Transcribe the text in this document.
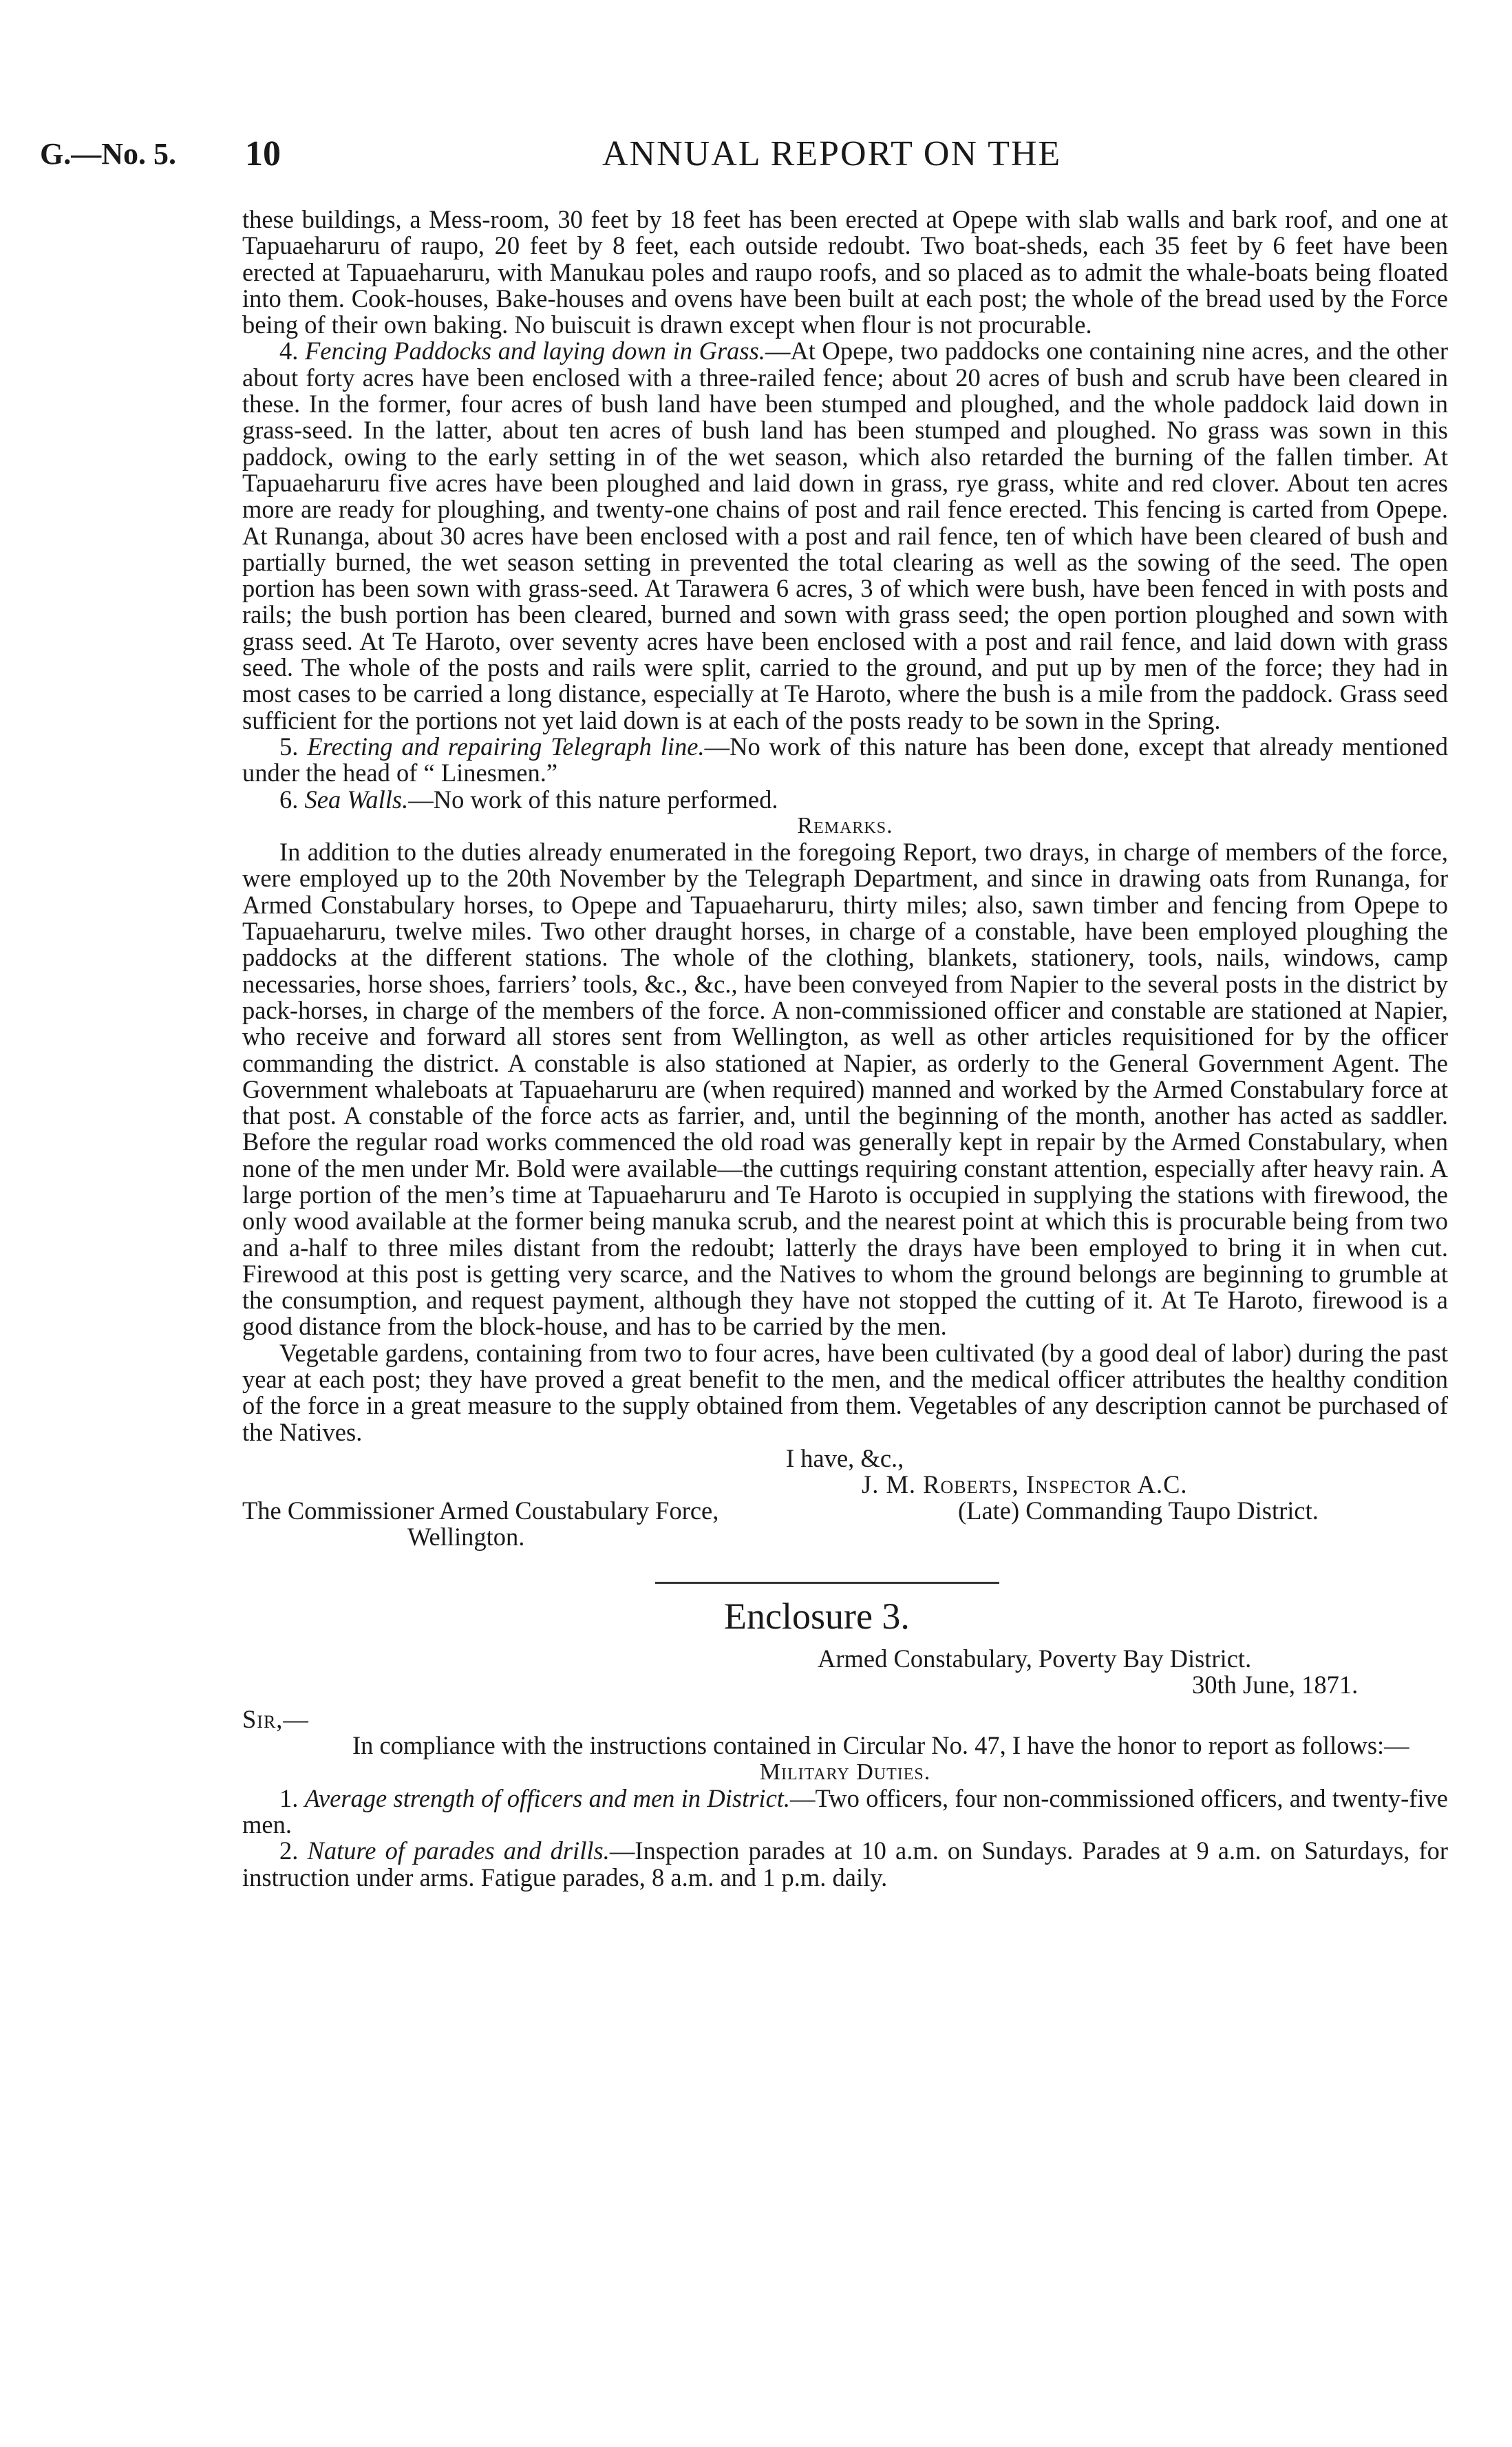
G.—No. 5. 10	ANNUAL REPORT ON THE

these buildings, a Mess-room, 30 feet by 18 feet has been erected at Opepe with slab walls and bark roof, and one at Tapuaeharuru of raupo, 20 feet by 8 feet, each outside redoubt. Two boat-sheds, each 35 feet by 6 feet have been erected at Tapuaeharuru, with Manukau poles and raupo roofs, and so placed as to admit the whale-boats being floated into them. Cook-houses, Bake-houses and ovens have been built at each post; the whole of the bread used by the Force being of their own baking. No buiscuit is drawn except when flour is not procurable.

4. Fencing Paddocks and laying down in Grass.—At Opepe, two paddocks one containing nine acres, and the other about forty acres have been enclosed with a three-railed fence; about 20 acres of bush and scrub have been cleared in these. In the former, four acres of bush land have been stumped and ploughed, and the whole paddock laid down in grass-seed. In the latter, about ten acres of bush land has been stumped and ploughed. No grass was sown in this paddock, owing to the early setting in of the wet season, which also retarded the burning of the fallen timber. At Tapuaeharuru five acres have been ploughed and laid down in grass, rye grass, white and red clover. About ten acres more are ready for ploughing, and twenty-one chains of post and rail fence erected. This fencing is carted from Opepe. At Runanga, about 30 acres have been enclosed with a post and rail fence, ten of which have been cleared of bush and partially burned, the wet season setting in prevented the total clearing as well as the sowing of the seed. The open portion has been sown with grass-seed. At Tarawera 6 acres, 3 of which were bush, have been fenced in with posts and rails; the bush portion has been cleared, burned and sown with grass seed; the open portion ploughed and sown with grass seed. At Te Haroto, over seventy acres have been enclosed with a post and rail fence, and laid down with grass seed. The whole of the posts and rails were split, carried to the ground, and put up by men of the force; they had in most cases to be carried a long distance, especially at Te Haroto, where the bush is a mile from the paddock. Grass seed sufficient for the portions not yet laid down is at each of the posts ready to be sown in the Spring.

5. Erecting and repairing Telegraph line.—No work of this nature has been done, except that already mentioned under the head of “ Linesmen.”

6. Sea Walls.—No work of this nature performed.

Remarks.

In addition to the duties already enumerated in the foregoing Report, two drays, in charge of members of the force, were employed up to the 20th November by the Telegraph Department, and since in drawing oats from Runanga, for Armed Constabulary horses, to Opepe and Tapuaeharuru, thirty miles; also, sawn timber and fencing from Opepe to Tapuaeharuru, twelve miles. Two other draught horses, in charge of a constable, have been employed ploughing the paddocks at the different stations. The whole of the clothing, blankets, stationery, tools, nails, windows, camp necessaries, horse shoes, farriers’ tools, &c., &c., have been conveyed from Napier to the several posts in the district by pack-horses, in charge of the members of the force. A non-commissioned officer and constable are stationed at Napier, who receive and forward all stores sent from Wellington, as well as other articles requisitioned for by the officer commanding the district. A constable is also stationed at Napier, as orderly to the General Government Agent. The Government whaleboats at Tapuaeharuru are (when required) manned and worked by the Armed Constabulary force at that post. A constable of the force acts as farrier, and, until the beginning of the month, another has acted as saddler. Before the regular road works commenced the old road was generally kept in repair by the Armed Constabulary, when none of the men under Mr. Bold were available—the cuttings requiring constant attention, especially after heavy rain. A large portion of the men’s time at Tapuaeharuru and Te Haroto is occupied in supplying the stations with firewood, the only wood available at the former being manuka scrub, and the nearest point at which this is procurable being from two and a-half to three miles distant from the redoubt; latterly the drays have been employed to bring it in when cut. Firewood at this post is getting very scarce, and the Natives to whom the ground belongs are beginning to grumble at the consumption, and request payment, although they have not stopped the cutting of it. At Te Haroto, firewood is a good distance from the block-house, and has to be carried by the men.

Vegetable gardens, containing from two to four acres, have been cultivated (by a good deal of labor) during the past year at each post; they have proved a great benefit to the men, and the medical officer attributes the healthy condition of the force in a great measure to the supply obtained from them. Vegetables of any description cannot be purchased of the Natives.

I have, &c.,
J. M. Roberts, Inspector A.C.
The Commissioner Armed Coustabulary Force,	(Late) Commanding Taupo District.
Wellington.
Enclosure 3.
Armed Constabulary, Poverty Bay District.
30th June, 1871.
Sir,—

In compliance with the instructions contained in Circular No. 47, I have the honor to report as follows:—

Military Duties.

1. Average strength of officers and men in District.—Two officers, four non-commissioned officers, and twenty-five men.

2. Nature of parades and drills.—Inspection parades at 10 a.m. on Sundays. Parades at 9 a.m. on Saturdays, for instruction under arms. Fatigue parades, 8 a.m. and 1 p.m. daily.
